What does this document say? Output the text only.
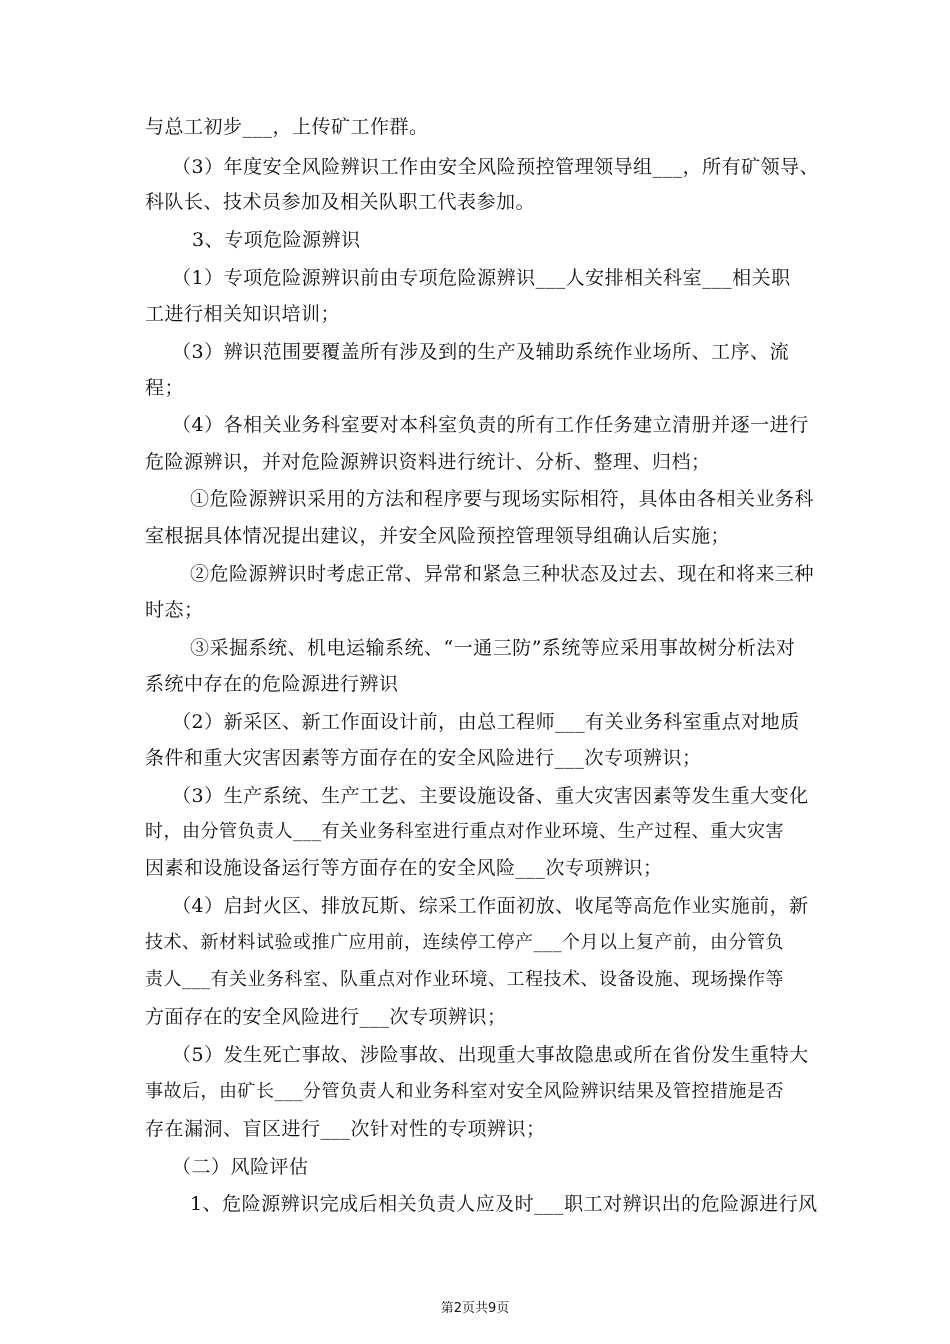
与总工初步___，上传矿工作群。
（3）年度安全风险辨识工作由安全风险预控管理领导组___，所有矿领导、
科队长、技术员参加及相关队职工代表参加。
3、专项危险源辨识
（1）专项危险源辨识前由专项危险源辨识___人安排相关科室___相关职
工进行相关知识培训；
（3）辨识范围要覆盖所有涉及到的生产及辅助系统作业场所、工序、流
程；
（4）各相关业务科室要对本科室负责的所有工作任务建立清册并逐一进行
危险源辨识，并对危险源辨识资料进行统计、分析、整理、归档；
①危险源辨识采用的方法和程序要与现场实际相符，具体由各相关业务科
室根据具体情况提出建议，并安全风险预控管理领导组确认后实施；
②危险源辨识时考虑正常、异常和紧急三种状态及过去、现在和将来三种
时态；
③采掘系统、机电运输系统、“一通三防”系统等应采用事故树分析法对
系统中存在的危险源进行辨识
（2）新采区、新工作面设计前，由总工程师___有关业务科室重点对地质
条件和重大灾害因素等方面存在的安全风险进行___次专项辨识；
（3）生产系统、生产工艺、主要设施设备、重大灾害因素等发生重大变化
时，由分管负责人___有关业务科室进行重点对作业环境、生产过程、重大灾害
因素和设施设备运行等方面存在的安全风险___次专项辨识；
（4）启封火区、排放瓦斯、综采工作面初放、收尾等高危作业实施前，新
技术、新材料试验或推广应用前，连续停工停产___个月以上复产前，由分管负
责人___有关业务科室、队重点对作业环境、工程技术、设备设施、现场操作等
方面存在的安全风险进行___次专项辨识；
（5）发生死亡事故、涉险事故、出现重大事故隐患或所在省份发生重特大
事故后，由矿长___分管负责人和业务科室对安全风险辨识结果及管控措施是否
存在漏洞、盲区进行___次针对性的专项辨识；
（二）风险评估
1、危险源辨识完成后相关负责人应及时___职工对辨识出的危险源进行风
第2页共9页
